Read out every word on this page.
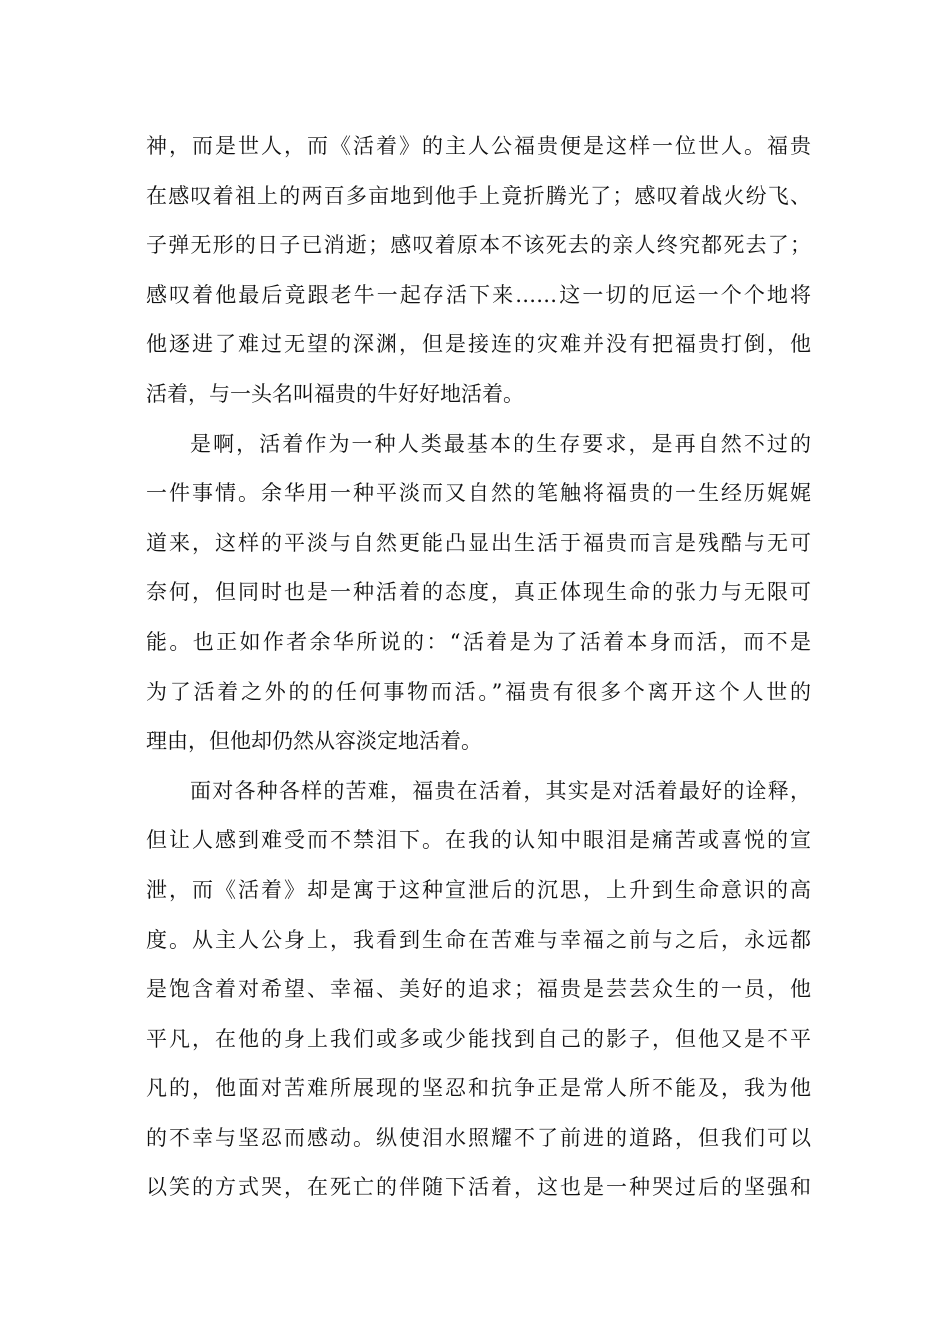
神，而是世人，而《活着》的主人公福贵便是这样一位世人。福贵
在感叹着祖上的两百多亩地到他手上竟折腾光了；感叹着战火纷飞、
子弹无形的日子已消逝；感叹着原本不该死去的亲人终究都死去了；
感叹着他最后竟跟老牛一起存活下来……这一切的厄运一个个地将
他逐进了难过无望的深渊，但是接连的灾难并没有把福贵打倒，他
活着，与一头名叫福贵的牛好好地活着。
是啊，活着作为一种人类最基本的生存要求，是再自然不过的
一件事情。余华用一种平淡而又自然的笔触将福贵的一生经历娓娓
道来，这样的平淡与自然更能凸显出生活于福贵而言是残酷与无可
奈何，但同时也是一种活着的态度，真正体现生命的张力与无限可
能。也正如作者余华所说的：“活着是为了活着本身而活，而不是
为了活着之外的的任何事物而活。”福贵有很多个离开这个人世的
理由，但他却仍然从容淡定地活着。
面对各种各样的苦难，福贵在活着，其实是对活着最好的诠释，
但让人感到难受而不禁泪下。在我的认知中眼泪是痛苦或喜悦的宣
泄，而《活着》却是寓于这种宣泄后的沉思，上升到生命意识的高
度。从主人公身上，我看到生命在苦难与幸福之前与之后，永远都
是饱含着对希望、幸福、美好的追求；福贵是芸芸众生的一员，他
平凡，在他的身上我们或多或少能找到自己的影子，但他又是不平
凡的，他面对苦难所展现的坚忍和抗争正是常人所不能及，我为他
的不幸与坚忍而感动。纵使泪水照耀不了前进的道路，但我们可以
以笑的方式哭，在死亡的伴随下活着，这也是一种哭过后的坚强和
